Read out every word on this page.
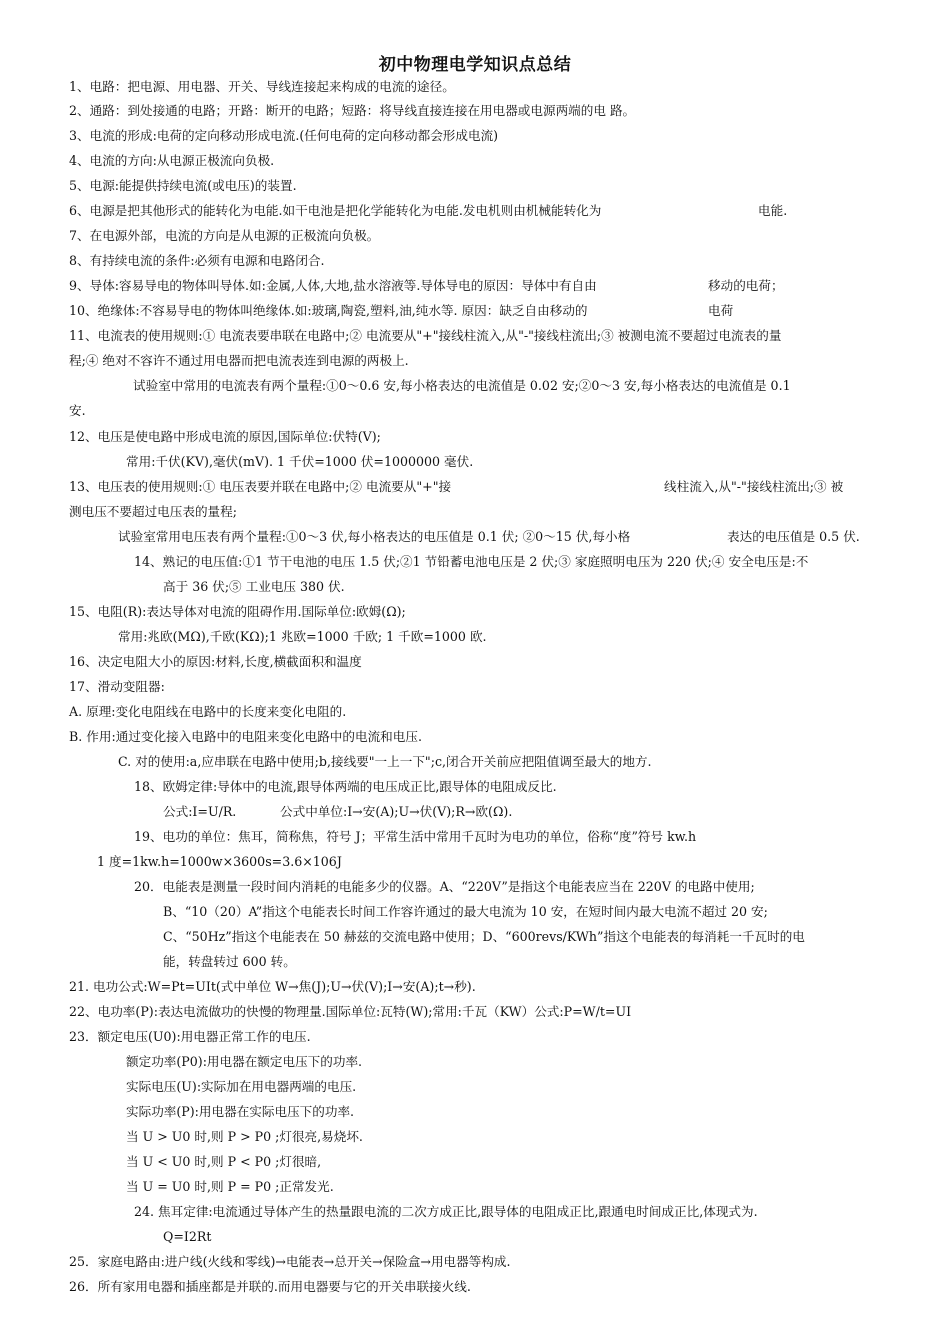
初中物理电学知识点总结
1、电路：把电源、用电器、开关、导线连接起来构成的电流的途径。
2、通路：到处接通的电路；开路：断开的电路；短路：将导线直接连接在用电器或电源两端的电 路。
3、电流的形成:电荷的定向移动形成电流.(任何电荷的定向移动都会形成电流)
4、电流的方向:从电源正极流向负极.
5、电源:能提供持续电流(或电压)的装置.
6、电源是把其他形式的能转化为电能.如干电池是把化学能转化为电能.发电机则由机械能转化为	电能.
7、在电源外部，电流的方向是从电源的正极流向负极。
8、有持续电流的条件:必须有电源和电路闭合.
9、导体:容易导电的物体叫导体.如:金属,人体,大地,盐水溶液等.导体导电的原因：导体中有自由	移动的电荷；
10、绝缘体:不容易导电的物体叫绝缘体.如:玻璃,陶瓷,塑料,油,纯水等. 原因：缺乏自由移动的	电荷
11、电流表的使用规则:① 电流表要串联在电路中;② 电流要从"+"接线柱流入,从"-"接线柱流出;③ 被测电流不要超过电流表的量
程;④ 绝对不容许不通过用电器而把电流表连到电源的两极上.
试验室中常用的电流表有两个量程:①0～0.6 安,每小格表达的电流值是 0.02 安;②0～3 安,每小格表达的电流值是 0.1
安.
12、电压是使电路中形成电流的原因,国际单位:伏特(V);
常用:千伏(KV),毫伏(mV). 1 千伏=1000 伏=1000000 毫伏.
13、电压表的使用规则:① 电压表要并联在电路中;② 电流要从"+"接	线柱流入,从"-"接线柱流出;③ 被
测电压不要超过电压表的量程;
试验室常用电压表有两个量程:①0～3 伏,每小格表达的电压值是 0.1 伏; ②0～15 伏,每小格	表达的电压值是 0.5 伏.
14、熟记的电压值:①1 节干电池的电压 1.5 伏;②1 节铅蓄电池电压是 2 伏;③ 家庭照明电压为 220 伏;④ 安全电压是:不
高于 36 伏;⑤ 工业电压 380 伏.
15、电阻(R):表达导体对电流的阻碍作用.国际单位:欧姆(Ω);
常用:兆欧(MΩ),千欧(KΩ);1 兆欧=1000 千欧; 1 千欧=1000 欧.
16、决定电阻大小的原因:材料,长度,横截面积和温度
17、滑动变阻器:
A. 原理:变化电阻线在电路中的长度来变化电阻的.
B. 作用:通过变化接入电路中的电阻来变化电路中的电流和电压.
C. 对的使用:a,应串联在电路中使用;b,接线要"一上一下";c,闭合开关前应把阻值调至最大的地方.
18、欧姆定律:导体中的电流,跟导体两端的电压成正比,跟导体的电阻成反比.
公式:I=U/R.	公式中单位:I→安(A);U→伏(V);R→欧(Ω).
19、电功的单位：焦耳，简称焦，符号 J；平常生活中常用千瓦时为电功的单位，俗称“度”符号 kw.h
1 度=1kw.h=1000w×3600s=3.6×106J
20．电能表是测量一段时间内消耗的电能多少的仪器。A、“220V”是指这个电能表应当在 220V 的电路中使用;
B、“10（20）A”指这个电能表长时间工作容许通过的最大电流为 10 安，在短时间内最大电流不超过 20 安;
C、“50Hz”指这个电能表在 50 赫兹的交流电路中使用；D、“600revs/KWh”指这个电能表的每消耗一千瓦时的电
能，转盘转过 600 转。
21. 电功公式:W=Pt=UIt(式中单位 W→焦(J);U→伏(V);I→安(A);t→秒).
22、电功率(P):表达电流做功的快慢的物理量.国际单位:瓦特(W);常用:千瓦（KW）公式:P=W/t=UI
23．额定电压(U0):用电器正常工作的电压.
额定功率(P0):用电器在额定电压下的功率.
实际电压(U):实际加在用电器两端的电压.
实际功率(P):用电器在实际电压下的功率.
当 U > U0 时,则 P > P0 ;灯很亮,易烧坏.
当 U < U0 时,则 P < P0 ;灯很暗,
当 U = U0 时,则 P = P0 ;正常发光.
24. 焦耳定律:电流通过导体产生的热量跟电流的二次方成正比,跟导体的电阻成正比,跟通电时间成正比,体现式为.
Q=I2Rt
25．家庭电路由:进户线(火线和零线)→电能表→总开关→保险盒→用电器等构成.
26．所有家用电器和插座都是并联的.而用电器要与它的开关串联接火线.
